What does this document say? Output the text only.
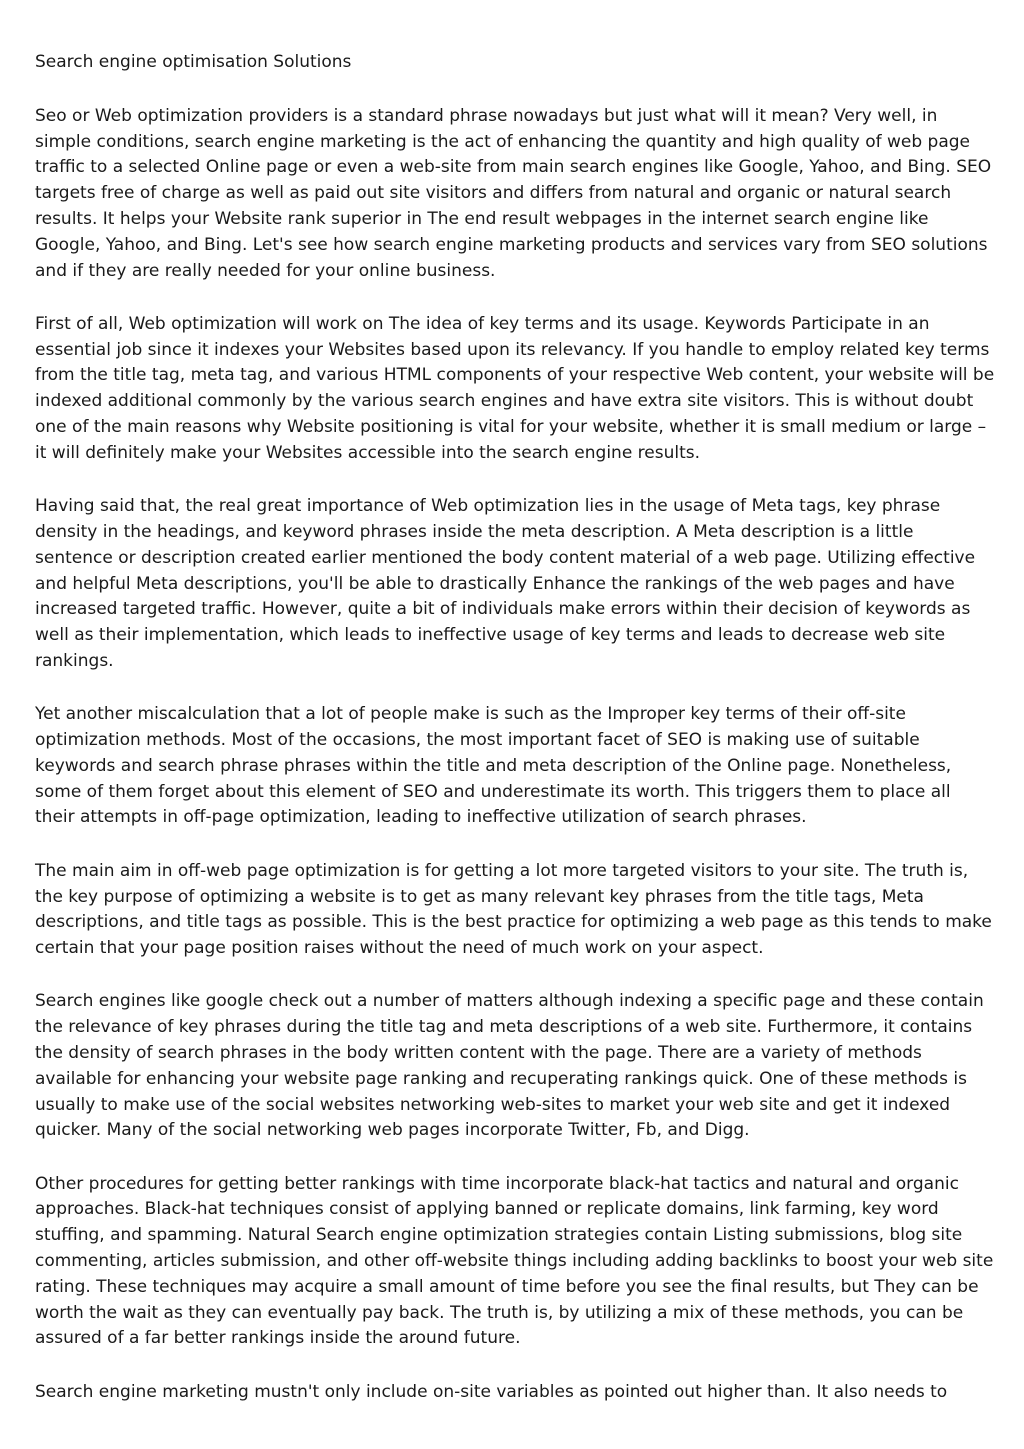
Search engine optimisation Solutions

Seo or Web optimization providers is a standard phrase nowadays but just what will it mean? Very well, in simple conditions, search engine marketing is the act of enhancing the quantity and high quality of web page traffic to a selected Online page or even a web-site from main search engines like Google, Yahoo, and Bing. SEO targets free of charge as well as paid out site visitors and differs from natural and organic or natural search results. It helps your Website rank superior in The end result webpages in the internet search engine like Google, Yahoo, and Bing. Let's see how search engine marketing products and services vary from SEO solutions and if they are really needed for your online business.

First of all, Web optimization will work on The idea of key terms and its usage. Keywords Participate in an essential job since it indexes your Websites based upon its relevancy. If you handle to employ related key terms from the title tag, meta tag, and various HTML components of your respective Web content, your website will be indexed additional commonly by the various search engines and have extra site visitors. This is without doubt one of the main reasons why Website positioning is vital for your website, whether it is small medium or large – it will definitely make your Websites accessible into the search engine results.

Having said that, the real great importance of Web optimization lies in the usage of Meta tags, key phrase density in the headings, and keyword phrases inside the meta description. A Meta description is a little sentence or description created earlier mentioned the body content material of a web page. Utilizing effective and helpful Meta descriptions, you'll be able to drastically Enhance the rankings of the web pages and have increased targeted traffic. However, quite a bit of individuals make errors within their decision of keywords as well as their implementation, which leads to ineffective usage of key terms and leads to decrease web site rankings.

Yet another miscalculation that a lot of people make is such as the Improper key terms of their off-site optimization methods. Most of the occasions, the most important facet of SEO is making use of suitable keywords and search phrase phrases within the title and meta description of the Online page. Nonetheless, some of them forget about this element of SEO and underestimate its worth. This triggers them to place all their attempts in off-page optimization, leading to ineffective utilization of search phrases.

The main aim in off-web page optimization is for getting a lot more targeted visitors to your site. The truth is, the key purpose of optimizing a website is to get as many relevant key phrases from the title tags, Meta descriptions, and title tags as possible. This is the best practice for optimizing a web page as this tends to make certain that your page position raises without the need of much work on your aspect.

Search engines like google check out a number of matters although indexing a specific page and these contain the relevance of key phrases during the title tag and meta descriptions of a web site. Furthermore, it contains the density of search phrases in the body written content with the page. There are a variety of methods available for enhancing your website page ranking and recuperating rankings quick. One of these methods is usually to make use of the social websites networking web-sites to market your web site and get it indexed quicker. Many of the social networking web pages incorporate Twitter, Fb, and Digg.

Other procedures for getting better rankings with time incorporate black-hat tactics and natural and organic approaches. Black-hat techniques consist of applying banned or replicate domains, link farming, key word stuffing, and spamming. Natural Search engine optimization strategies contain Listing submissions, blog site commenting, articles submission, and other off-website things including adding backlinks to boost your web site rating. These techniques may acquire a small amount of time before you see the final results, but They can be worth the wait as they can eventually pay back. The truth is, by utilizing a mix of these methods, you can be assured of a far better rankings inside the around future.

Search engine marketing mustn't only include on-site variables as pointed out higher than. It also needs to
